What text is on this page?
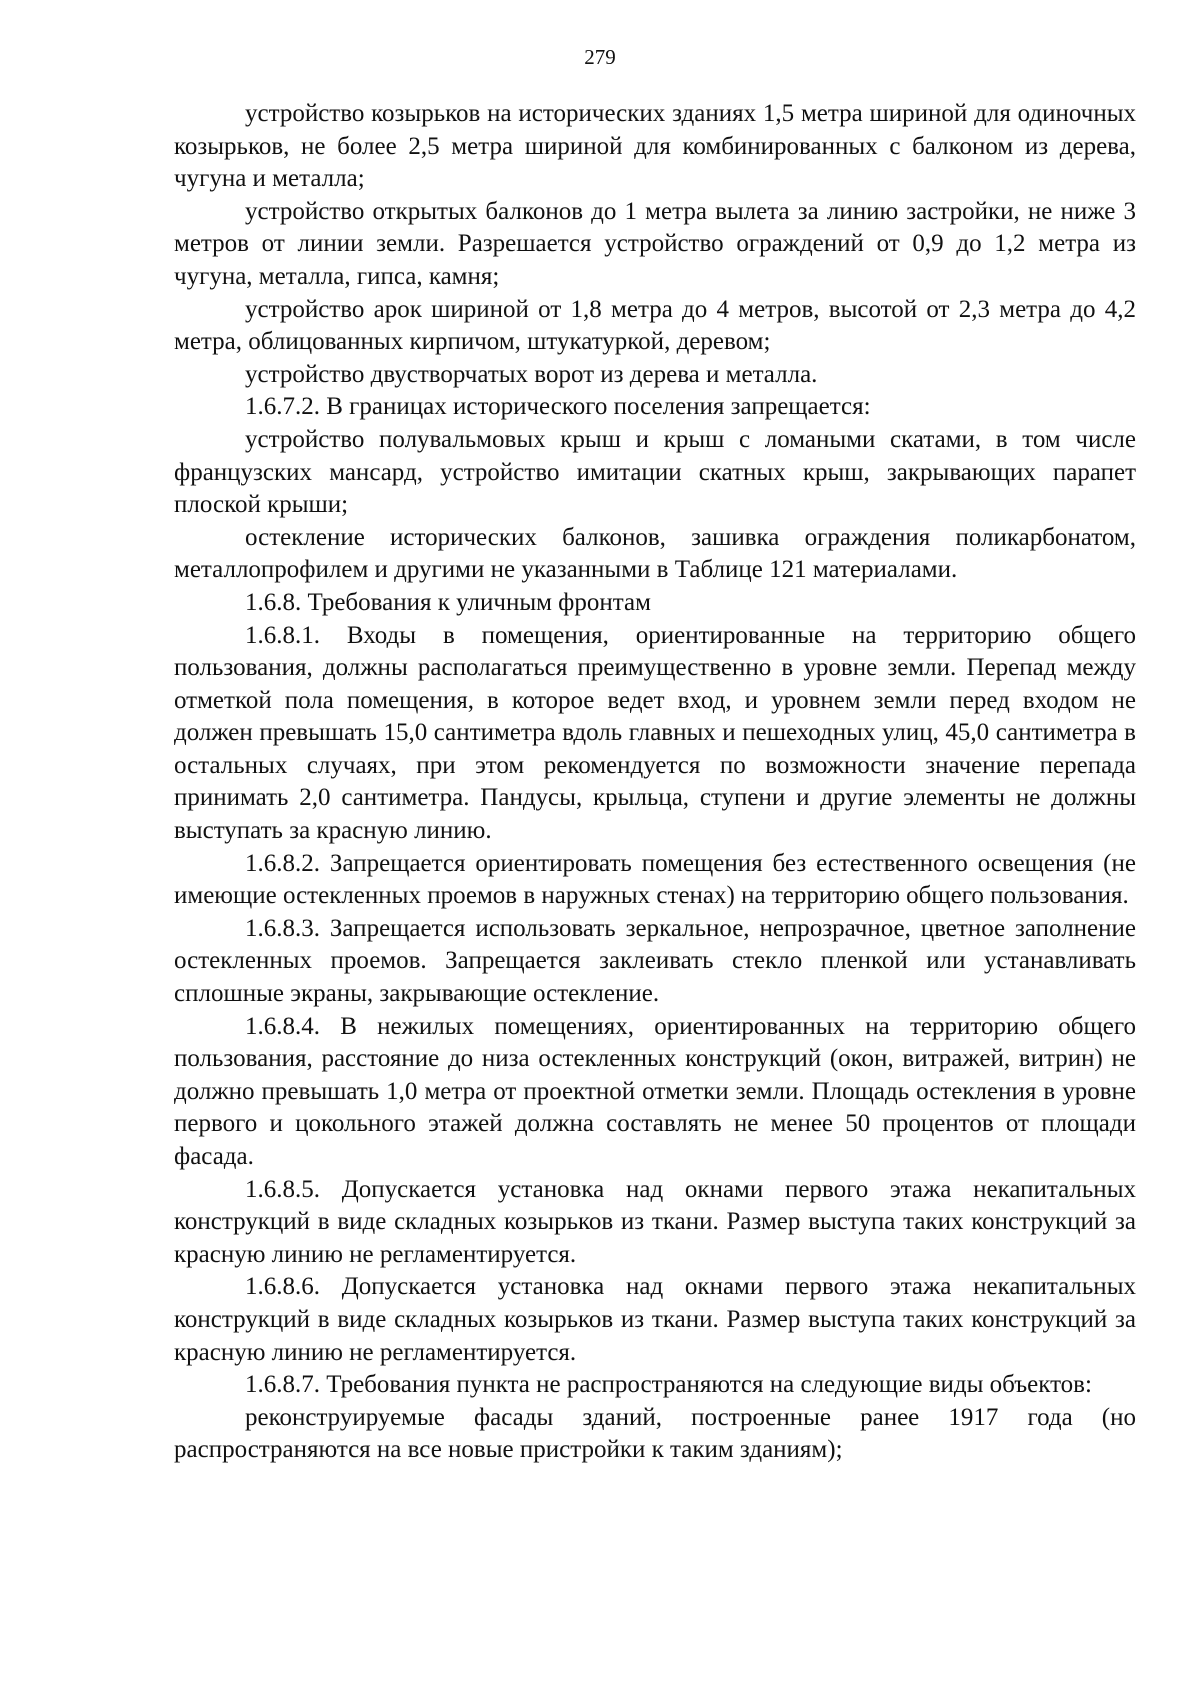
279

устройство козырьков на исторических зданиях 1,5 метра шириной для одиночных козырьков, не более 2,5 метра шириной для комбинированных с балконом из дерева, чугуна и металла;

устройство открытых балконов до 1 метра вылета за линию застройки, не ниже 3 метров от линии земли. Разрешается устройство ограждений от 0,9 до 1,2 метра из чугуна, металла, гипса, камня;

устройство арок шириной от 1,8 метра до 4 метров, высотой от 2,3 метра до 4,2 метра, облицованных кирпичом, штукатуркой, деревом;

устройство двустворчатых ворот из дерева и металла.

1.6.7.2. В границах исторического поселения запрещается:

устройство полувальмовых крыш и крыш с ломаными скатами, в том числе французских мансард, устройство имитации скатных крыш, закрывающих парапет плоской крыши;

остекление исторических балконов, зашивка ограждения поликарбонатом, металлопрофилем и другими не указанными в Таблице 121 материалами.

1.6.8. Требования к уличным фронтам

1.6.8.1. Входы в помещения, ориентированные на территорию общего пользования, должны располагаться преимущественно в уровне земли. Перепад между отметкой пола помещения, в которое ведет вход, и уровнем земли перед входом не должен превышать 15,0 сантиметра вдоль главных и пешеходных улиц, 45,0 сантиметра в остальных случаях, при этом рекомендуется по возможности значение перепада принимать 2,0 сантиметра. Пандусы, крыльца, ступени и другие элементы не должны выступать за красную линию.

1.6.8.2. Запрещается ориентировать помещения без естественного освещения (не имеющие остекленных проемов в наружных стенах) на территорию общего пользования.

1.6.8.3. Запрещается использовать зеркальное, непрозрачное, цветное заполнение остекленных проемов. Запрещается заклеивать стекло пленкой или устанавливать сплошные экраны, закрывающие остекление.

1.6.8.4. В нежилых помещениях, ориентированных на территорию общего пользования, расстояние до низа остекленных конструкций (окон, витражей, витрин) не должно превышать 1,0 метра от проектной отметки земли. Площадь остекления в уровне первого и цокольного этажей должна составлять не менее 50 процентов от площади фасада.

1.6.8.5. Допускается установка над окнами первого этажа некапитальных конструкций в виде складных козырьков из ткани. Размер выступа таких конструкций за красную линию не регламентируется.

1.6.8.6. Допускается установка над окнами первого этажа некапитальных конструкций в виде складных козырьков из ткани. Размер выступа таких конструкций за красную линию не регламентируется.

1.6.8.7. Требования пункта не распространяются на следующие виды объектов:

реконструируемые фасады зданий, построенные ранее 1917 года (но распространяются на все новые пристройки к таким зданиям);
